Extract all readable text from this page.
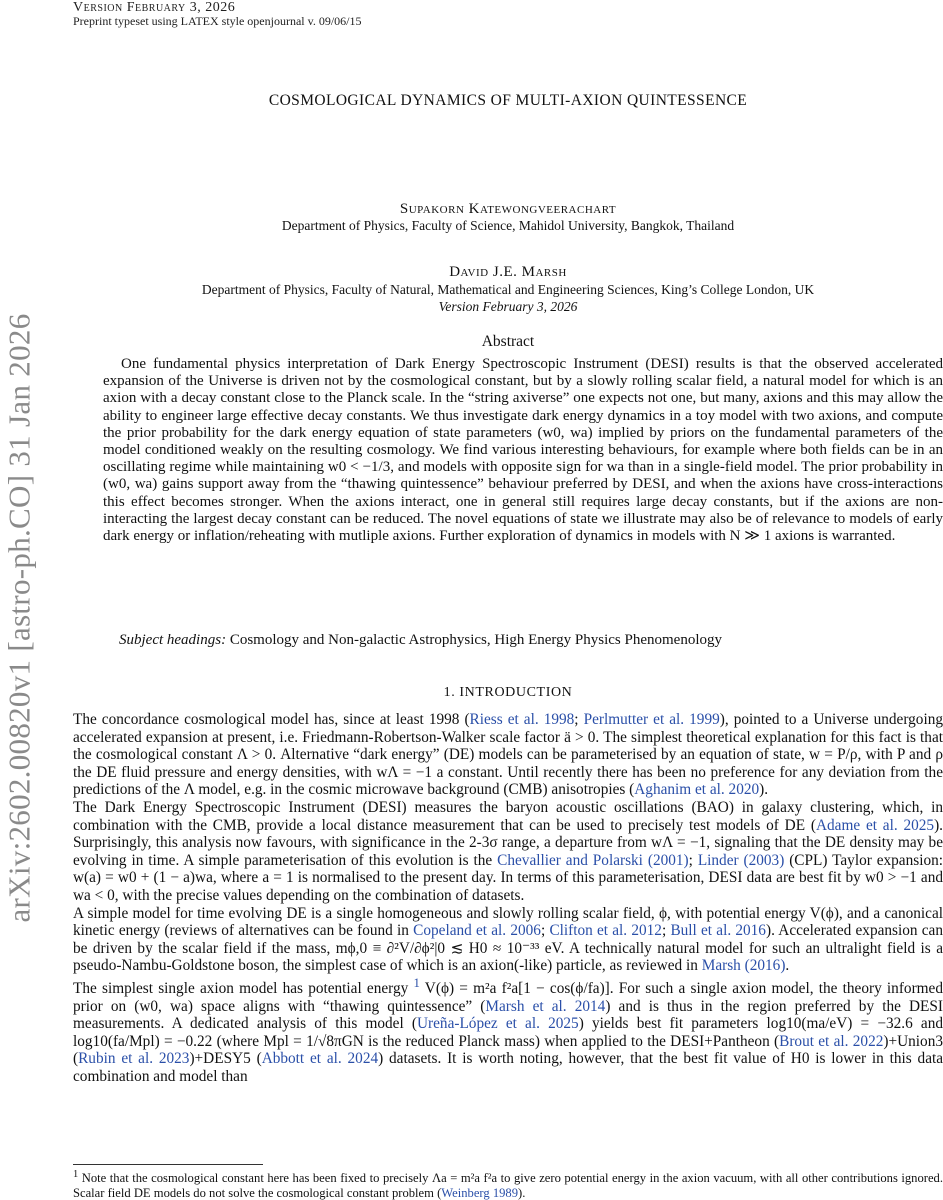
arXiv:2602.00820v1 [astro-ph.CO] 31 Jan 2026
Version February 3, 2026
Preprint typeset using LATEX style openjournal v. 09/06/15
COSMOLOGICAL DYNAMICS OF MULTI-AXION QUINTESSENCE
Supakorn Katewongveerachart
Department of Physics, Faculty of Science, Mahidol University, Bangkok, Thailand
David J.E. Marsh
Department of Physics, Faculty of Natural, Mathematical and Engineering Sciences, King’s College London, UK
Version February 3, 2026
Abstract
One fundamental physics interpretation of Dark Energy Spectroscopic Instrument (DESI) results is that the observed accelerated expansion of the Universe is driven not by the cosmological constant, but by a slowly rolling scalar field, a natural model for which is an axion with a decay constant close to the Planck scale. In the “string axiverse” one expects not one, but many, axions and this may allow the ability to engineer large effective decay constants. We thus investigate dark energy dynamics in a toy model with two axions, and compute the prior probability for the dark energy equation of state parameters (w0, wa) implied by priors on the fundamental parameters of the model conditioned weakly on the resulting cosmology. We find various interesting behaviours, for example where both fields can be in an oscillating regime while maintaining w0 < −1/3, and models with opposite sign for wa than in a single-field model. The prior probability in (w0, wa) gains support away from the “thawing quintessence” behaviour preferred by DESI, and when the axions have cross-interactions this effect becomes stronger. When the axions interact, one in general still requires large decay constants, but if the axions are non-interacting the largest decay constant can be reduced. The novel equations of state we illustrate may also be of relevance to models of early dark energy or inflation/reheating with mutliple axions. Further exploration of dynamics in models with N ≫ 1 axions is warranted.
Subject headings: Cosmology and Non-galactic Astrophysics, High Energy Physics Phenomenology
1. INTRODUCTION

The concordance cosmological model has, since at least 1998 (Riess et al. 1998; Perlmutter et al. 1999), pointed to a Universe undergoing accelerated expansion at present, i.e. Friedmann-Robertson-Walker scale factor ä > 0. The simplest theoretical explanation for this fact is that the cosmological constant Λ > 0. Alternative “dark energy” (DE) models can be parameterised by an equation of state, w = P/ρ, with P and ρ the DE fluid pressure and energy densities, with wΛ = −1 a constant. Until recently there has been no preference for any deviation from the predictions of the Λ model, e.g. in the cosmic microwave background (CMB) anisotropies (Aghanim et al. 2020).

The Dark Energy Spectroscopic Instrument (DESI) measures the baryon acoustic oscillations (BAO) in galaxy clustering, which, in combination with the CMB, provide a local distance measurement that can be used to precisely test models of DE (Adame et al. 2025). Surprisingly, this analysis now favours, with significance in the 2-3σ range, a departure from wΛ = −1, signaling that the DE density may be evolving in time. A simple parameterisation of this evolution is the Chevallier and Polarski (2001); Linder (2003) (CPL) Taylor expansion: w(a) = w0 + (1 − a)wa, where a = 1 is normalised to the present day. In terms of this parameterisation, DESI data are best fit by w0 > −1 and wa < 0, with the precise values depending on the combination of datasets.

A simple model for time evolving DE is a single homogeneous and slowly rolling scalar field, ϕ, with potential energy V(ϕ), and a canonical kinetic energy (reviews of alternatives can be found in Copeland et al. 2006; Clifton et al. 2012; Bull et al. 2016). Accelerated expansion can be driven by the scalar field if the mass, mϕ,0 ≡ ∂²V/∂ϕ²|0 ≲ H0 ≈ 10⁻³³ eV. A technically natural model for such an ultralight field is a pseudo-Nambu-Goldstone boson, the simplest case of which is an axion(-like) particle, as reviewed in Marsh (2016).

The simplest single axion model has potential energy $^1$ V(ϕ) = m²a f²a[1 − cos(ϕ/fa)]. For such a single axion model, the theory informed prior on (w0, wa) space aligns with “thawing quintessence” (Marsh et al. 2014) and is thus in the region preferred by the DESI measurements. A dedicated analysis of this model (Ureña-López et al. 2025) yields best fit parameters log10(ma/eV) = −32.6 and log10(fa/Mpl) = −0.22 (where Mpl = 1/√8πGN is the reduced Planck mass) when applied to the DESI+Pantheon (Brout et al. 2022)+Union3 (Rubin et al. 2023)+DESY5 (Abbott et al. 2024) datasets. It is worth noting, however, that the best fit value of H0 is lower in this data combination and model than

$^1$ Note that the cosmological constant here has been fixed to precisely Λa = m²a f²a to give zero potential energy in the axion vacuum, with all other contributions ignored. Scalar field DE models do not solve the cosmological constant problem (Weinberg 1989).
